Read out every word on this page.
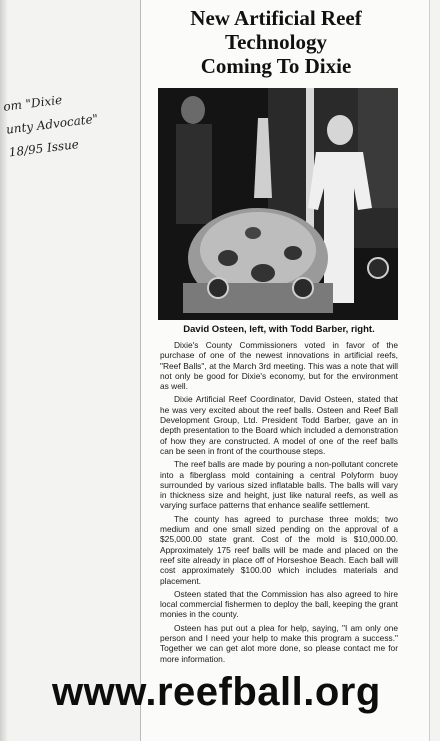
New Artificial Reef
Technology
Coming To Dixie
om "Dixie
unty Advocate"
18/95 Issue
David Osteen, left, with Todd Barber, right.

Dixie's County Commissioners voted in favor of the purchase of one of the newest innovations in artificial reefs, "Reef Balls", at the March 3rd meeting. This was a note that will not only be good for Dixie's economy, but for the environment as well.

Dixie Artificial Reef Coordinator, David Osteen, stated that he was very excited about the reef balls. Osteen and Reef Ball Development Group, Ltd. President Todd Barber, gave an in depth presentation to the Board which included a demonstration of how they are constructed. A model of one of the reef balls can be seen in front of the courthouse steps.

The reef balls are made by pouring a non-pollutant concrete into a fiberglass mold containing a central Polyform buoy surrounded by various sized inflatable balls. The balls will vary in thickness size and height, just like natural reefs, as well as varying surface patterns that enhance sealife settlement.

The county has agreed to purchase three molds; two medium and one small sized pending on the approval of a $25,000.00 state grant. Cost of the mold is $10,000.00. Approximately 175 reef balls will be made and placed on the reef site already in place off of Horseshoe Beach. Each ball will cost approximately $100.00 which includes materials and placement.

Osteen stated that the Commission has also agreed to hire local commercial fishermen to deploy the ball, keeping the grant monies in the county.

Osteen has put out a plea for help, saying, "I am only one person and I need your help to make this program a success." Together we can get alot more done, so please contact me for more information.

www.reefball.org
